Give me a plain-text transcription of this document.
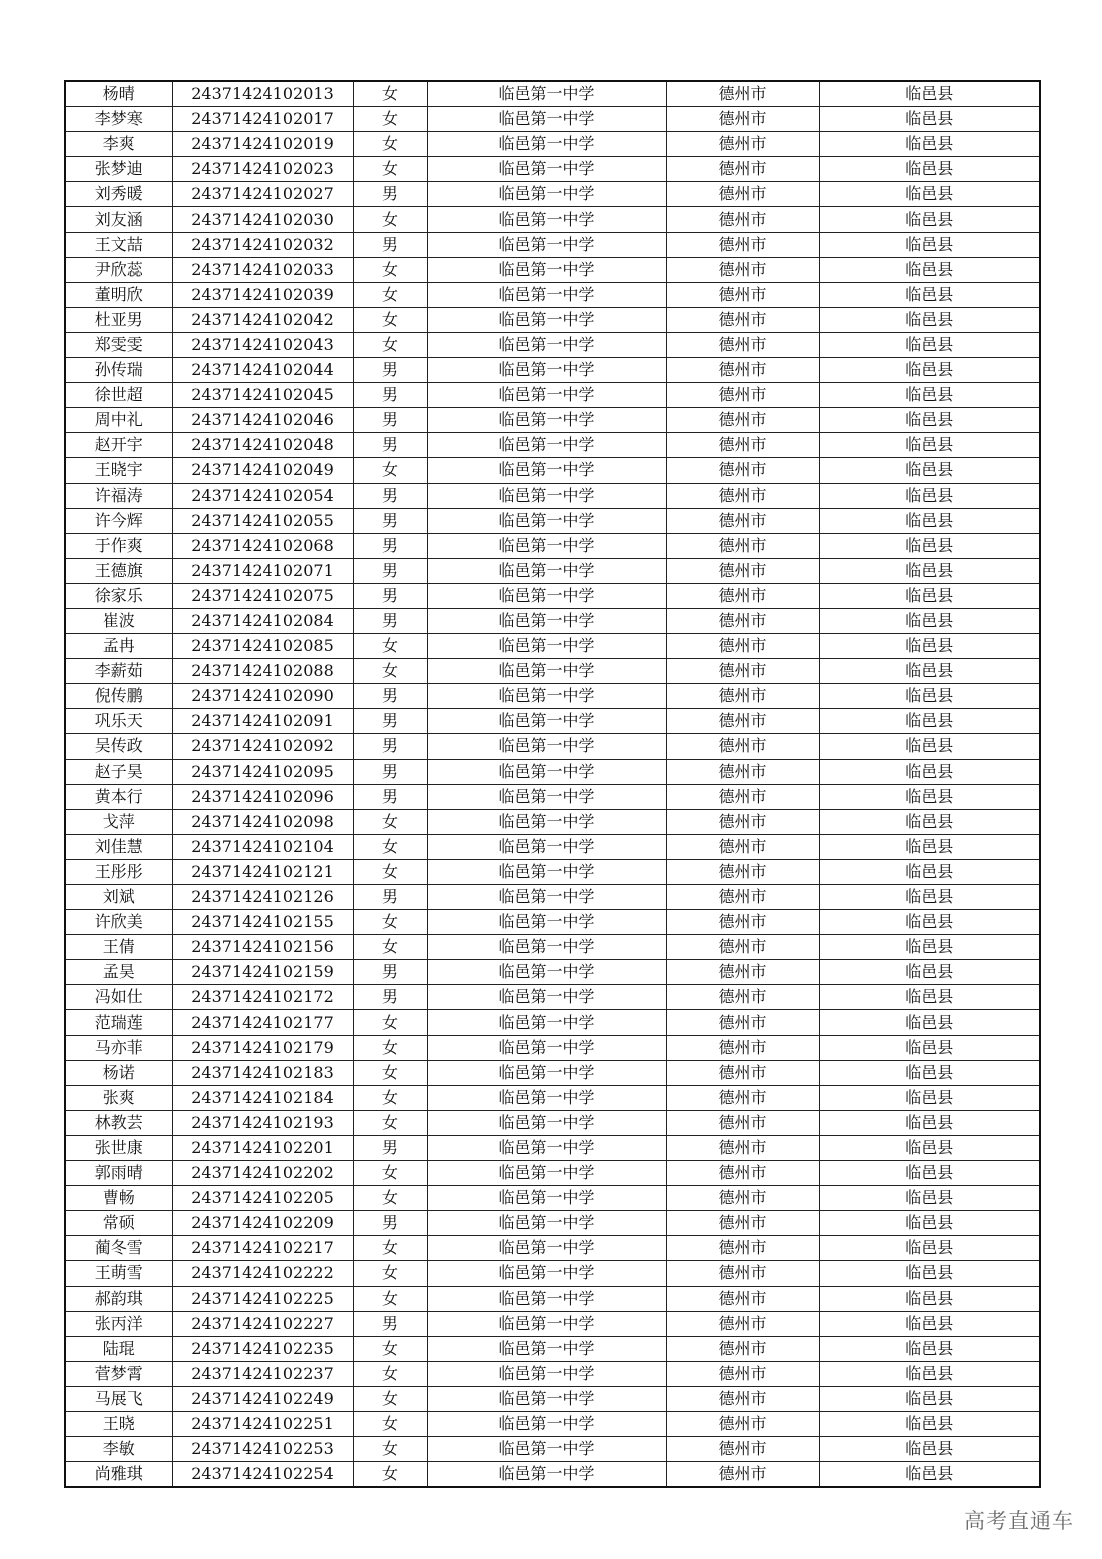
杨晴	24371424102013	女	临邑第一中学	德州市	临邑县
李梦寒	24371424102017	女	临邑第一中学	德州市	临邑县
李爽	24371424102019	女	临邑第一中学	德州市	临邑县
张梦迪	24371424102023	女	临邑第一中学	德州市	临邑县
刘秀暖	24371424102027	男	临邑第一中学	德州市	临邑县
刘友涵	24371424102030	女	临邑第一中学	德州市	临邑县
王文喆	24371424102032	男	临邑第一中学	德州市	临邑县
尹欣蕊	24371424102033	女	临邑第一中学	德州市	临邑县
董明欣	24371424102039	女	临邑第一中学	德州市	临邑县
杜亚男	24371424102042	女	临邑第一中学	德州市	临邑县
郑雯雯	24371424102043	女	临邑第一中学	德州市	临邑县
孙传瑞	24371424102044	男	临邑第一中学	德州市	临邑县
徐世超	24371424102045	男	临邑第一中学	德州市	临邑县
周中礼	24371424102046	男	临邑第一中学	德州市	临邑县
赵开宇	24371424102048	男	临邑第一中学	德州市	临邑县
王晓宇	24371424102049	女	临邑第一中学	德州市	临邑县
许福涛	24371424102054	男	临邑第一中学	德州市	临邑县
许今辉	24371424102055	男	临邑第一中学	德州市	临邑县
于作爽	24371424102068	男	临邑第一中学	德州市	临邑县
王德旗	24371424102071	男	临邑第一中学	德州市	临邑县
徐家乐	24371424102075	男	临邑第一中学	德州市	临邑县
崔波	24371424102084	男	临邑第一中学	德州市	临邑县
孟冉	24371424102085	女	临邑第一中学	德州市	临邑县
李薪茹	24371424102088	女	临邑第一中学	德州市	临邑县
倪传鹏	24371424102090	男	临邑第一中学	德州市	临邑县
巩乐天	24371424102091	男	临邑第一中学	德州市	临邑县
吴传政	24371424102092	男	临邑第一中学	德州市	临邑县
赵子昊	24371424102095	男	临邑第一中学	德州市	临邑县
黄本行	24371424102096	男	临邑第一中学	德州市	临邑县
戈萍	24371424102098	女	临邑第一中学	德州市	临邑县
刘佳慧	24371424102104	女	临邑第一中学	德州市	临邑县
王彤彤	24371424102121	女	临邑第一中学	德州市	临邑县
刘斌	24371424102126	男	临邑第一中学	德州市	临邑县
许欣美	24371424102155	女	临邑第一中学	德州市	临邑县
王倩	24371424102156	女	临邑第一中学	德州市	临邑县
孟昊	24371424102159	男	临邑第一中学	德州市	临邑县
冯如仕	24371424102172	男	临邑第一中学	德州市	临邑县
范瑞莲	24371424102177	女	临邑第一中学	德州市	临邑县
马亦菲	24371424102179	女	临邑第一中学	德州市	临邑县
杨诺	24371424102183	女	临邑第一中学	德州市	临邑县
张爽	24371424102184	女	临邑第一中学	德州市	临邑县
林教芸	24371424102193	女	临邑第一中学	德州市	临邑县
张世康	24371424102201	男	临邑第一中学	德州市	临邑县
郭雨晴	24371424102202	女	临邑第一中学	德州市	临邑县
曹畅	24371424102205	女	临邑第一中学	德州市	临邑县
常硕	24371424102209	男	临邑第一中学	德州市	临邑县
蔺冬雪	24371424102217	女	临邑第一中学	德州市	临邑县
王萌雪	24371424102222	女	临邑第一中学	德州市	临邑县
郝韵琪	24371424102225	女	临邑第一中学	德州市	临邑县
张丙洋	24371424102227	男	临邑第一中学	德州市	临邑县
陆琨	24371424102235	女	临邑第一中学	德州市	临邑县
菅梦霄	24371424102237	女	临邑第一中学	德州市	临邑县
马展飞	24371424102249	女	临邑第一中学	德州市	临邑县
王晓	24371424102251	女	临邑第一中学	德州市	临邑县
李敏	24371424102253	女	临邑第一中学	德州市	临邑县
尚雅琪	24371424102254	女	临邑第一中学	德州市	临邑县
高考直通车
